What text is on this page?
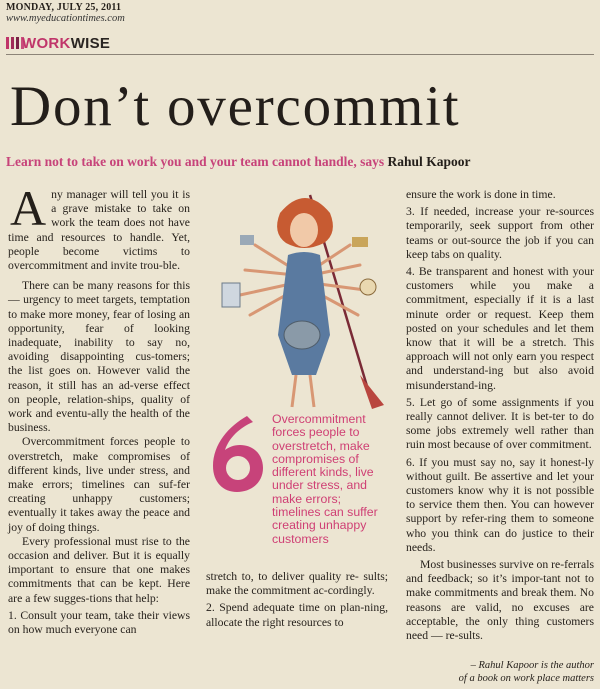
MONDAY, JULY 25, 2011
www.myeducationtimes.com
WORKWISE
Don’t overcommit
Learn not to take on work you and your team cannot handle, says Rahul Kapoor

Any manager will tell you it is a grave mistake to take on work the team does not have time and resources to handle. Yet, people become victims to overcommitment and invite trou-ble.

There can be many reasons for this — urgency to meet targets, temptation to make more money, fear of losing an opportunity, fear of looking inadequate, inability to say no, avoiding disappointing cus-tomers; the list goes on. However valid the reason, it still has an ad-verse effect on people, relation-ships, quality of work and eventu-ally the health of the business.

Overcommitment forces people to overstretch, make compromises of different kinds, live under stress, and make errors; timelines can suf-fer creating unhappy customers; eventually it takes away the peace and joy of doing things.

Every professional must rise to the occasion and deliver. But it is equally important to ensure that one makes commitments that can be kept. Here are a few sugges-tions that help:

1. Consult your team, take their views on how much everyone can

Overcommitment
forces people to
overstretch, make
compromises of
different kinds, live
under stress, and
make errors;
timelines can suffer
creating unhappy
customers

stretch to, to deliver quality re- sults; make the commitment ac-cordingly.

2. Spend adequate time on plan-ning, allocate the right resources to

ensure the work is done in time.

3. If needed, increase your re-sources temporarily, seek support from other teams or out-source the job if you can keep tabs on quality.

4. Be transparent and honest with your customers while you make a commitment, especially if it is a last minute order or request. Keep them posted on your schedules and let them know that it will be a stretch. This approach will not only earn you respect and understand-ing but also avoid misunderstand-ing.

5. Let go of some assignments if you really cannot deliver. It is bet-ter to do some jobs extremely well rather than ruin most because of over commitment.

6. If you must say no, say it honest-ly without guilt. Be assertive and let your customers know why it is not possible to service them then. You can however support by refer-ring them to someone who you think can do justice to their needs.

Most businesses survive on re-ferrals and feedback; so it’s impor-tant not to make commitments and break them. No reasons are valid, no excuses are acceptable, the only thing customers need — re-sults.

– Rahul Kapoor is the author
of a book on work place matters
